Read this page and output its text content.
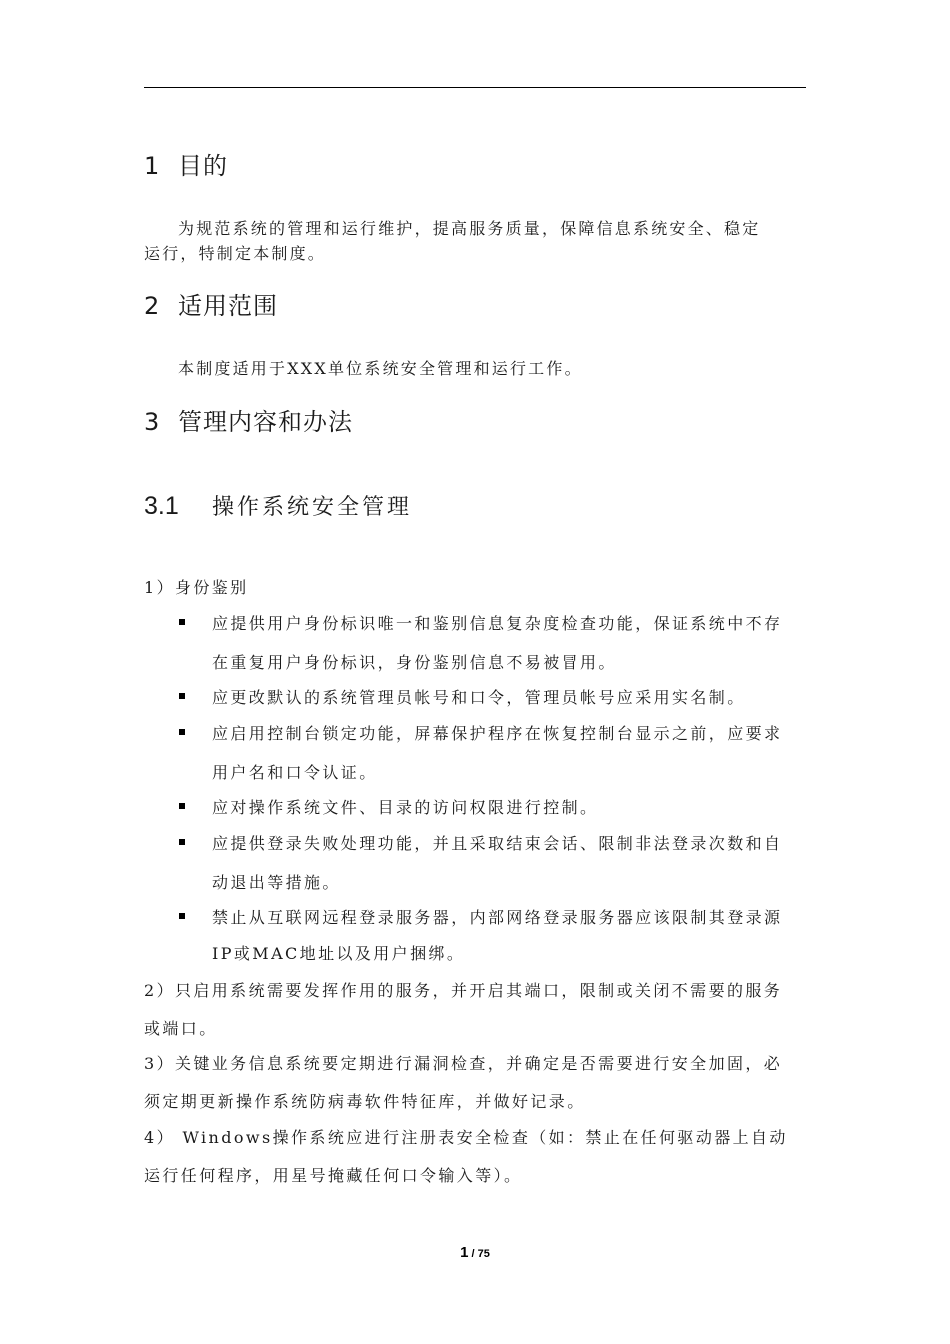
1 目的
为规范系统的管理和运行维护，提高服务质量，保障信息系统安全、稳定
运行，特制定本制度。
2 适用范围
本制度适用于XXX单位系统安全管理和运行工作。
3 管理内容和办法
3.1 操作系统安全管理
1）身份鉴别
应提供用户身份标识唯一和鉴别信息复杂度检查功能，保证系统中不存
在重复用户身份标识，身份鉴别信息不易被冒用。
应更改默认的系统管理员帐号和口令，管理员帐号应采用实名制。
应启用控制台锁定功能，屏幕保护程序在恢复控制台显示之前，应要求
用户名和口令认证。
应对操作系统文件、目录的访问权限进行控制。
应提供登录失败处理功能，并且采取结束会话、限制非法登录次数和自
动退出等措施。
禁止从互联网远程登录服务器，内部网络登录服务器应该限制其登录源
IP或MAC地址以及用户捆绑。
2）只启用系统需要发挥作用的服务，并开启其端口，限制或关闭不需要的服务
或端口。
3）关键业务信息系统要定期进行漏洞检查，并确定是否需要进行安全加固，必
须定期更新操作系统防病毒软件特征库，并做好记录。
4） Windows操作系统应进行注册表安全检查（如：禁止在任何驱动器上自动
运行任何程序，用星号掩藏任何口令输入等）。
1 / 75
